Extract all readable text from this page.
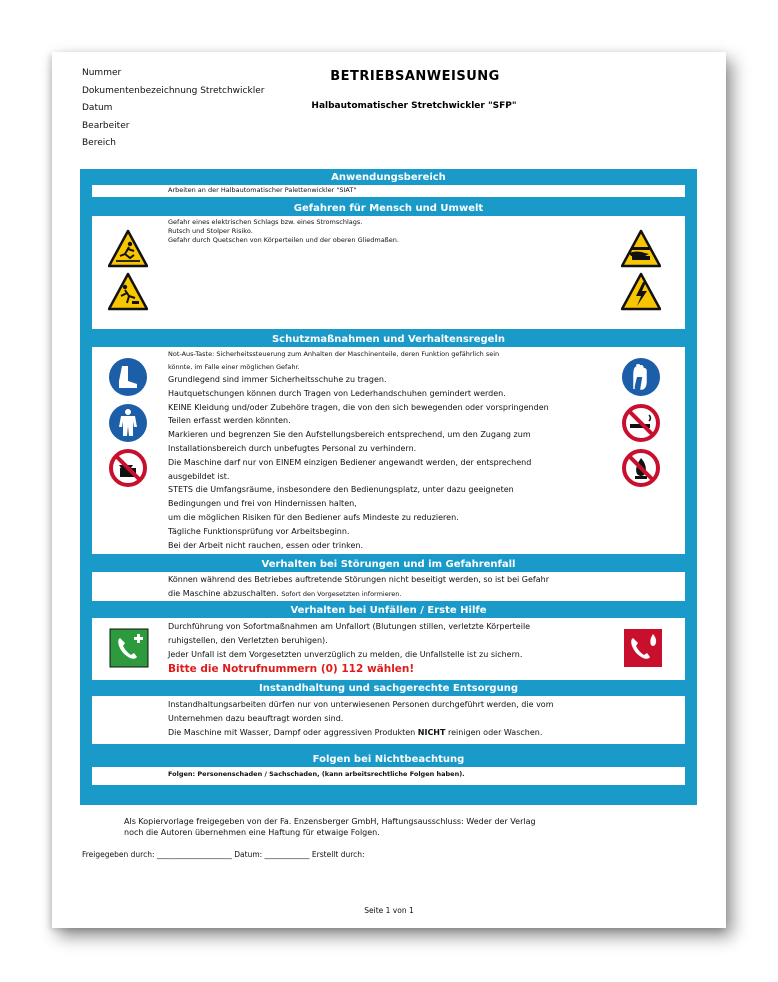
Nummer
Dokumentenbezeichnung Stretchwickler
Datum
Bearbeiter
Bereich
BETRIEBSANWEISUNG
Halbautomatischer Stretchwickler "SFP"
Anwendungsbereich
Arbeiten an der Halbautomatischer Palettenwickler "SIAT"
Gefahren für Mensch und Umwelt

Gefahr eines elektrischen Schlags bzw. eines Stromschlags.

Rutsch und Stolper Risiko.

Gefahr durch Quetschen von Körperteilen und der oberen Gliedmaßen.

Schutzmaßnahmen und Verhaltensregeln

Not-Aus-Taste: Sicherheitssteuerung zum Anhalten der Maschinenteile, deren Funktion gefährlich sein

könnte, im Falle einer möglichen Gefahr.

Grundlegend sind immer Sicherheitsschuhe zu tragen.

Hautquetschungen können durch Tragen von Lederhandschuhen gemindert werden.

KEINE Kleidung und/oder Zubehöre tragen, die von den sich bewegenden oder vorspringenden

Teilen erfasst werden könnten.

Markieren und begrenzen Sie den Aufstellungsbereich entsprechend, um den Zugang zum

Installationsbereich durch unbefugtes Personal zu verhindern.

Die Maschine darf nur von EINEM einzigen Bediener angewandt werden, der entsprechend

ausgebildet ist.

STETS die Umfangsräume, insbesondere den Bedienungsplatz, unter dazu geeigneten

Bedingungen und frei von Hindernissen halten,

um die möglichen Risiken für den Bediener aufs Mindeste zu reduzieren.

Tägliche Funktionsprüfung vor Arbeitsbeginn.

Bei der Arbeit nicht rauchen, essen oder trinken.

Verhalten bei Störungen und im Gefahrenfall

Können während des Betriebes auftretende Störungen nicht beseitigt werden, so ist bei Gefahr

die Maschine abzuschalten. Sofort den Vorgesetzten informieren.

Verhalten bei Unfällen / Erste Hilfe

Durchführung von Sofortmaßnahmen am Unfallort (Blutungen stillen, verletzte Körperteile

ruhigstellen, den Verletzten beruhigen).

Jeder Unfall ist dem Vorgesetzten unverzüglich zu melden, die Unfallstelle ist zu sichern.

Bitte die Notrufnummern (0) 112 wählen!

Instandhaltung und sachgerechte Entsorgung

Instandhaltungsarbeiten dürfen nur von unterwiesenen Personen durchgeführt werden, die vom

Unternehmen dazu beauftragt worden sind.

Die Maschine mit Wasser, Dampf oder aggressiven Produkten NICHT reinigen oder Waschen.

Folgen bei Nichtbeachtung
Folgen: Personenschaden / Sachschaden, (kann arbeitsrechtliche Folgen haben).
Als Kopiervorlage freigegeben von der Fa. Enzensberger GmbH, Haftungsausschluss: Weder der Verlag
noch die Autoren übernehmen eine Haftung für etwaige Folgen.
Freigegeben durch: ____________________ Datum: ____________ Erstellt durch:
Seite 1 von 1
